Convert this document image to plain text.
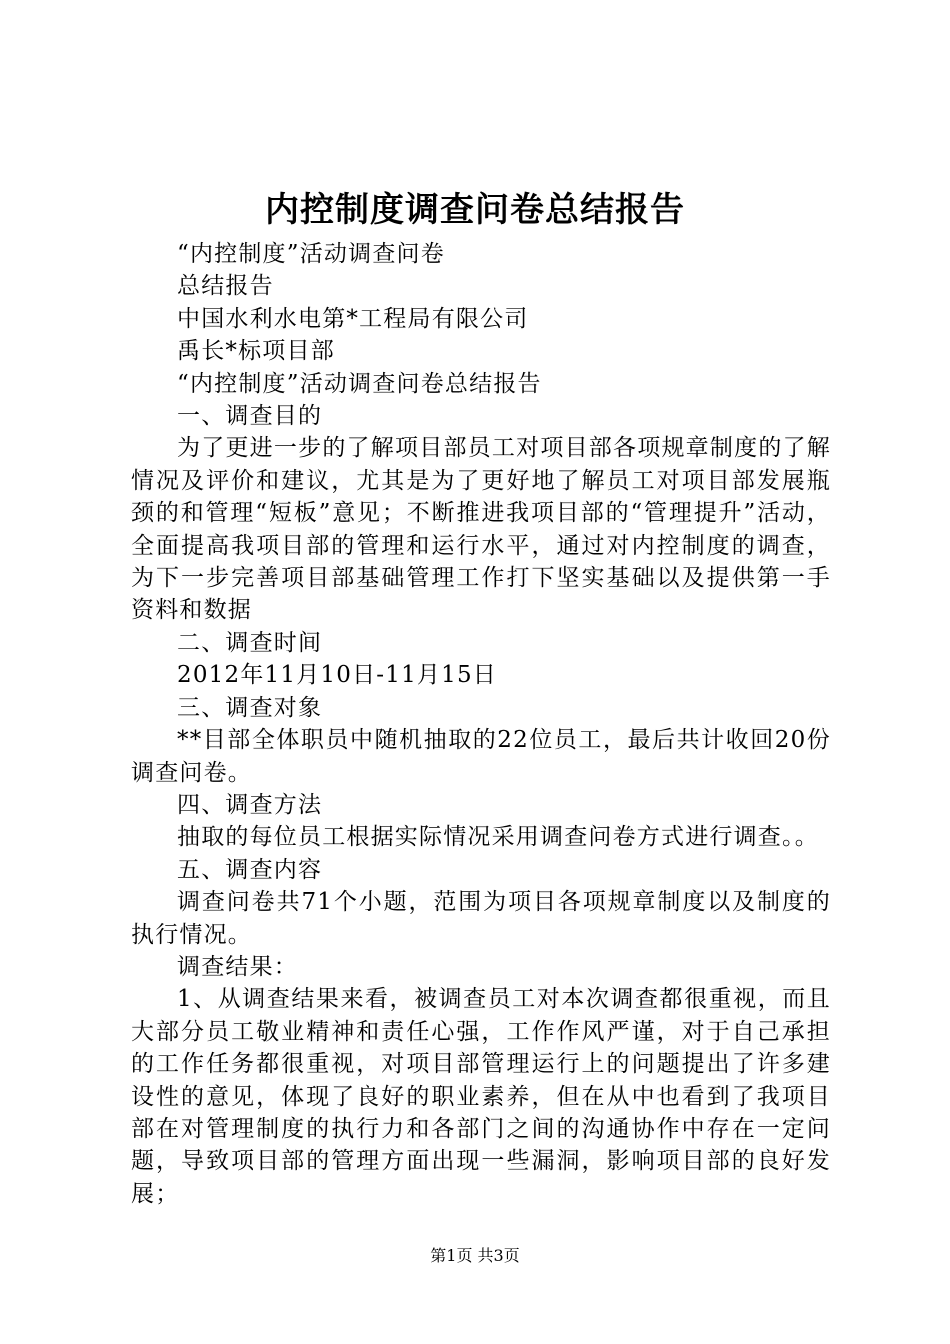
内控制度调查问卷总结报告

“内控制度”活动调查问卷

总结报告

中国水利水电第*工程局有限公司

禹长*标项目部

“内控制度”活动调查问卷总结报告

一、调查目的

为了更进一步的了解项目部员工对项目部各项规章制度的了解情况及评价和建议，尤其是为了更好地了解员工对项目部发展瓶颈的和管理“短板”意见；不断推进我项目部的“管理提升”活动，全面提高我项目部的管理和运行水平，通过对内控制度的调查，为下一步完善项目部基础管理工作打下坚实基础以及提供第一手资料和数据

二、调查时间

2012年11月10日-11月15日

三、调查对象

**目部全体职员中随机抽取的22位员工，最后共计收回20份调查问卷。

四、调查方法

抽取的每位员工根据实际情况采用调查问卷方式进行调查。。

五、调查内容

调查问卷共71个小题，范围为项目各项规章制度以及制度的执行情况。

调查结果：

1、从调查结果来看，被调查员工对本次调查都很重视，而且大部分员工敬业精神和责任心强，工作作风严谨，对于自己承担的工作任务都很重视，对项目部管理运行上的问题提出了许多建设性的意见，体现了良好的职业素养，但在从中也看到了我项目部在对管理制度的执行力和各部门之间的沟通协作中存在一定问题，导致项目部的管理方面出现一些漏洞，影响项目部的良好发展；

第1页 共3页
